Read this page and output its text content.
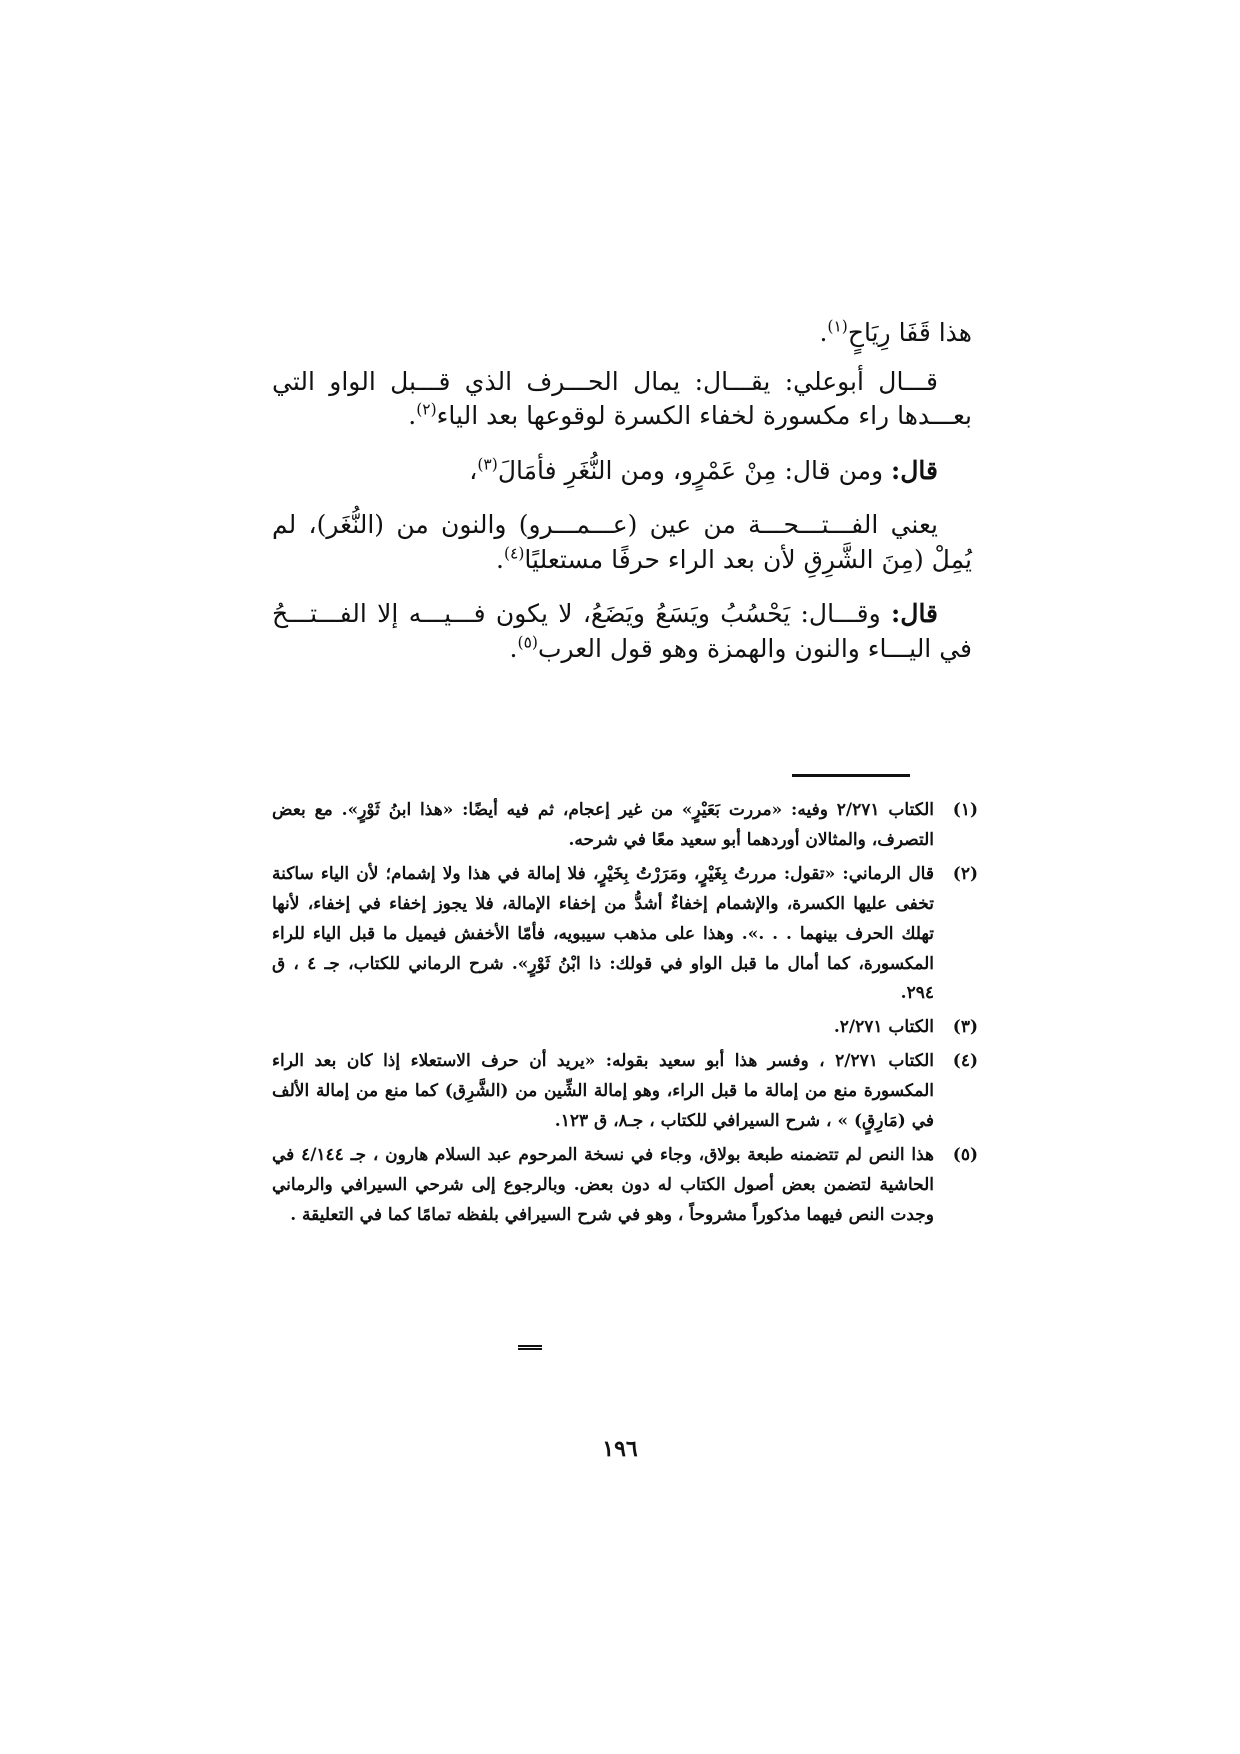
هذا قَفَا رِيَاحٍ$^{(١)}$.

قـــال أبوعلي: يقـــال: يمال الحـــرف الذي قـــبل الواو التي بعـــدها راء مكسورة لخفاء الكسرة لوقوعها بعد الياء$^{(٢)}$.

قال: ومن قال: مِنْ عَمْرٍو، ومن النُّغَرِ فأمَالَ$^{(٣)}$،

يعني الفـــتـــحـــة من عين (عـــمـــرو) والنون من (النُّغَر)، لم يُمِلْ (مِنَ الشَّرِقِ لأن بعد الراء حرفًا مستعليًا$^{(٤)}$.

قال: وقـــال: يَحْسُبُ ويَسَعُ ويَضَعُ، لا يكون فـــيـــه إلا الفـــتـــحُ في اليـــاء والنون والهمزة وهو قول العرب$^{(٥)}$.

(١)
الكتاب ٢/٢٧١ وفيه: «مررت بَعَيْرٍ» من غير إعجام، ثم فيه أيضًا: «هذا ابنُ ثَوْرٍ». مع بعض التصرف، والمثالان أوردهما أبو سعيد معًا في شرحه.
(٢)
قال الرماني: «تقول: مررتُ بِغَيْرٍ، ومَرَرْتُ بِخَيْرٍ، فلا إمالة في هذا ولا إشمام؛ لأن الياء ساكنة تخفى عليها الكسرة، والإشمام إخفاءٌ أشدُّ من إخفاء الإمالة، فلا يجوز إخفاء في إخفاء، لأنها تهلك الحرف بينهما . . .». وهذا على مذهب سيبويه، فأمّا الأخفش فيميل ما قبل الياء للراء المكسورة، كما أمال ما قبل الواو في قولك: ذا ابْنُ ثَوْرٍ». شرح الرماني للكتاب، جـ ٤ ، ق ٢٩٤.
(٣)
الكتاب ٢/٢٧١.
(٤)
الكتاب ٢/٢٧١ ، وفسر هذا أبو سعيد بقوله: «يريد أن حرف الاستعلاء إذا كان بعد الراء المكسورة منع من إمالة ما قبل الراء، وهو إمالة الشِّين من (الشَّرِق) كما منع من إمالة الألف في (مَارِقٍ) » ، شرح السيرافي للكتاب ، جـ٨، ق ١٢٣.
(٥)
هذا النص لم تتضمنه طبعة بولاق، وجاء في نسخة المرحوم عبد السلام هارون ، جـ ٤/١٤٤ في الحاشية لتضمن بعض أصول الكتاب له دون بعض. وبالرجوع إلى شرحي السيرافي والرماني وجدت النص فيهما مذكوراً مشروحاً ، وهو في شرح السيرافي بلفظه تمامًا كما في التعليقة .
١٩٦
